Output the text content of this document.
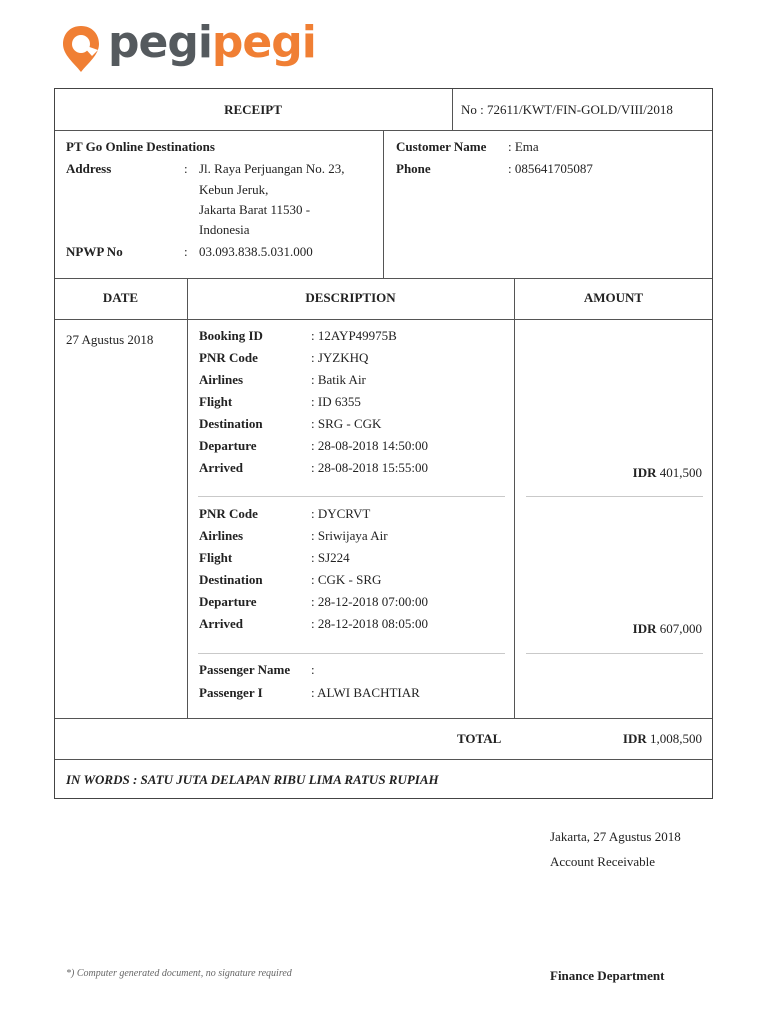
pegipegi
RECEIPT	No : 72611/KWT/FIN-GOLD/VIII/2018
PT Go Online Destinations
Address	: Jl. Raya Perjuangan No. 23,
Kebun Jeruk,
Jakarta Barat 11530 -
Indonesia
NPWP No	: 03.093.838.5.031.000
Customer Name : Ema
Phone	: 085641705087
DATE	DESCRIPTION	AMOUNT
27 Agustus 2018	Booking ID	: 12AYP49975B
PNR Code	: JYZKHQ
Airlines	: Batik Air
Flight	: ID 6355
Destination	: SRG - CGK
Departure	: 28-08-2018 14:50:00
Arrived	: 28-08-2018 15:55:00	IDR 401,500
PNR Code	: DYCRVT
Airlines	: Sriwijaya Air
Flight	: SJ224
Destination	: CGK - SRG
Departure	: 28-12-2018 07:00:00
Arrived	: 28-12-2018 08:05:00	IDR 607,000
Passenger Name :
Passenger I	: ALWI BACHTIAR
TOTAL	IDR 1,008,500
IN WORDS : SATU JUTA DELAPAN RIBU LIMA RATUS RUPIAH
Jakarta, 27 Agustus 2018
Account Receivable
*) Computer generated document, no signature required	Finance Department
